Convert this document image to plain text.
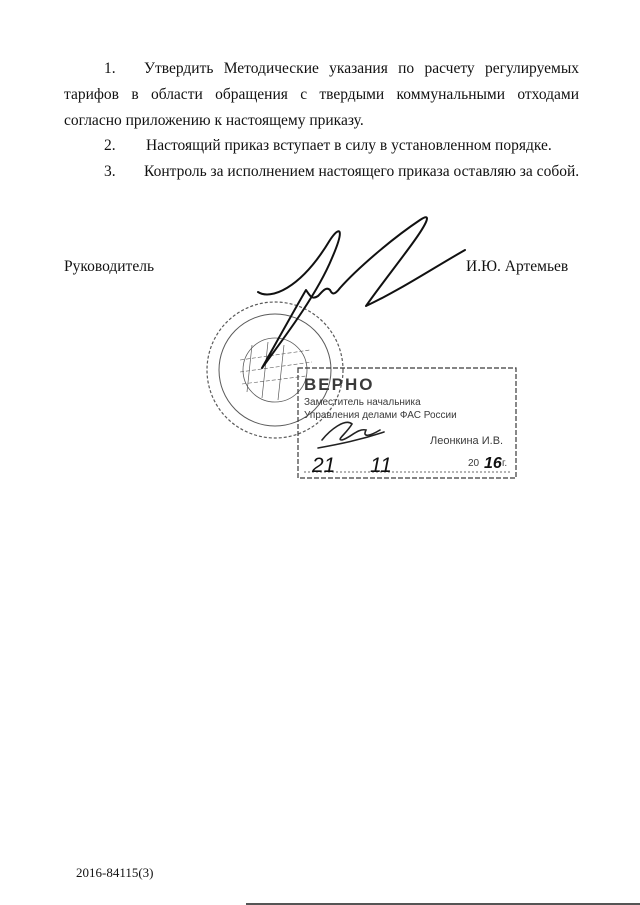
1.	Утвердить Методические указания по расчету регулируемых тарифов в области обращения с твердыми коммунальными отходами согласно приложению к настоящему приказу.
2. Настоящий приказ вступает в силу в установленном порядке.
3. Контроль за исполнением настоящего приказа оставляю за собой.
Руководитель	И.Ю. Артемьев
ВЕРНО
Заместитель начальника
Управления делами ФАС России
Леонкина И.В.
20 г.
21 11	16
2016-84115(3)
